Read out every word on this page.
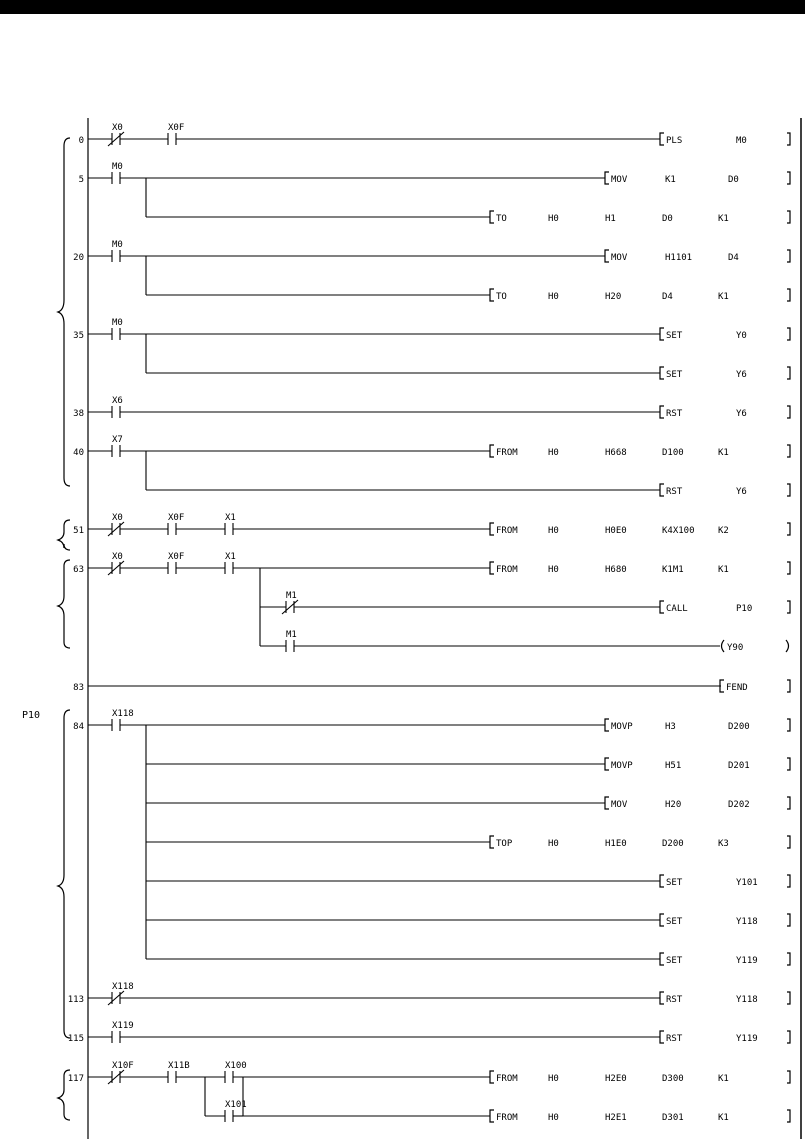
0
X0	X0F
PLS	M0
5
M0
MOV	K1	D0
TO	H0	H1	D0	K1
20
M0
MOV	H1101	D4
TO	H0	H20	D4	K1
35
M0
SET	Y0
SET	Y6
38
X6
RST	Y6
40
X7
FROM	H0	H668	D100	K1
RST	Y6
51
X0	X0F	X1
FROM	H0	H0E0	K4X100	K2
63
X0	X0F	X1
FROM	H0	H680	K1M1	K1
M1
CALL	P10
M1
Y90
83	FEND
84
X118
MOVP	H3	D200
MOVP	H51	D201
MOV	H20	D202
TOP	H0	H1E0	D200	K3
SET	Y101
SET	Y118
SET	Y119
113
X118
RST	Y118
115
X119
RST	Y119
117
X10F	X11B	X100
X101
FROM	H0	H2E0	D300	K1
FROM	H0	H2E1	D301	K1
P10
